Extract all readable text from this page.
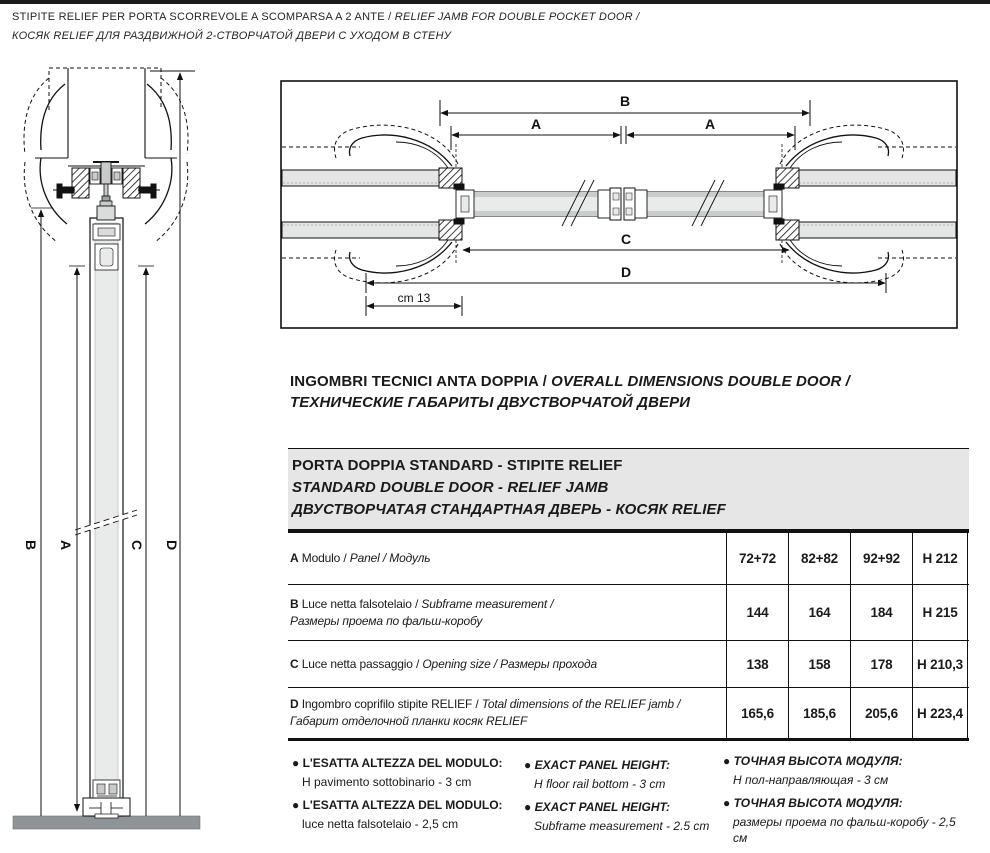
STIPITE RELIEF PER PORTA SCORREVOLE A SCOMPARSA A 2 ANTE / RELIEF JAMB FOR DOUBLE POCKET DOOR /
КОСЯК RELIEF ДЛЯ РАЗДВИЖНОЙ 2-СТВОРЧАТОЙ ДВЕРИ С УХОДОМ В СТЕНУ
B A	C D
B
A	A
C
D
cm 13
INGOMBRI TECNICI ANTA DOPPIA / OVERALL DIMENSIONS DOUBLE DOOR /
ТЕХНИЧЕСКИЕ ГАБАРИТЫ ДВУСТВОРЧАТОЙ ДВЕРИ
PORTA DOPPIA STANDARD - STIPITE RELIEF
STANDARD DOUBLE DOOR - RELIEF JAMB
ДВУСТВОРЧАТАЯ СТАНДАРТНАЯ ДВЕРЬ - КОСЯК RELIEF
A Modulo / Panel / Модуль	72+72	82+82	92+92	H 212
B Luce netta falsotelaio / Subframe measurement /
Размеры проема по фальш-коробу
144	164	184	H 215
C Luce netta passaggio / Opening size / Размеры прохода	138	158	178	H 210,3
D Ingombro coprifilo stipite RELIEF / Total dimensions of the RELIEF jamb / Габарит отделочной планки косяк RELIEF
165,6	185,6	205,6	H 223,4
● L'ESATTA ALTEZZA DEL MODULO:
H pavimento sottobinario - 3 cm
● L'ESATTA ALTEZZA DEL MODULO:
luce netta falsotelaio - 2,5 cm
● EXACT PANEL HEIGHT:
H floor rail bottom - 3 cm
● EXACT PANEL HEIGHT:
Subframe measurement - 2.5 cm
● ТОЧНАЯ ВЫСОТА МОДУЛЯ:
H пол-направляющая - 3 см
● ТОЧНАЯ ВЫСОТА МОДУЛЯ:
размеры проема по фальш-коробу - 2,5 см
